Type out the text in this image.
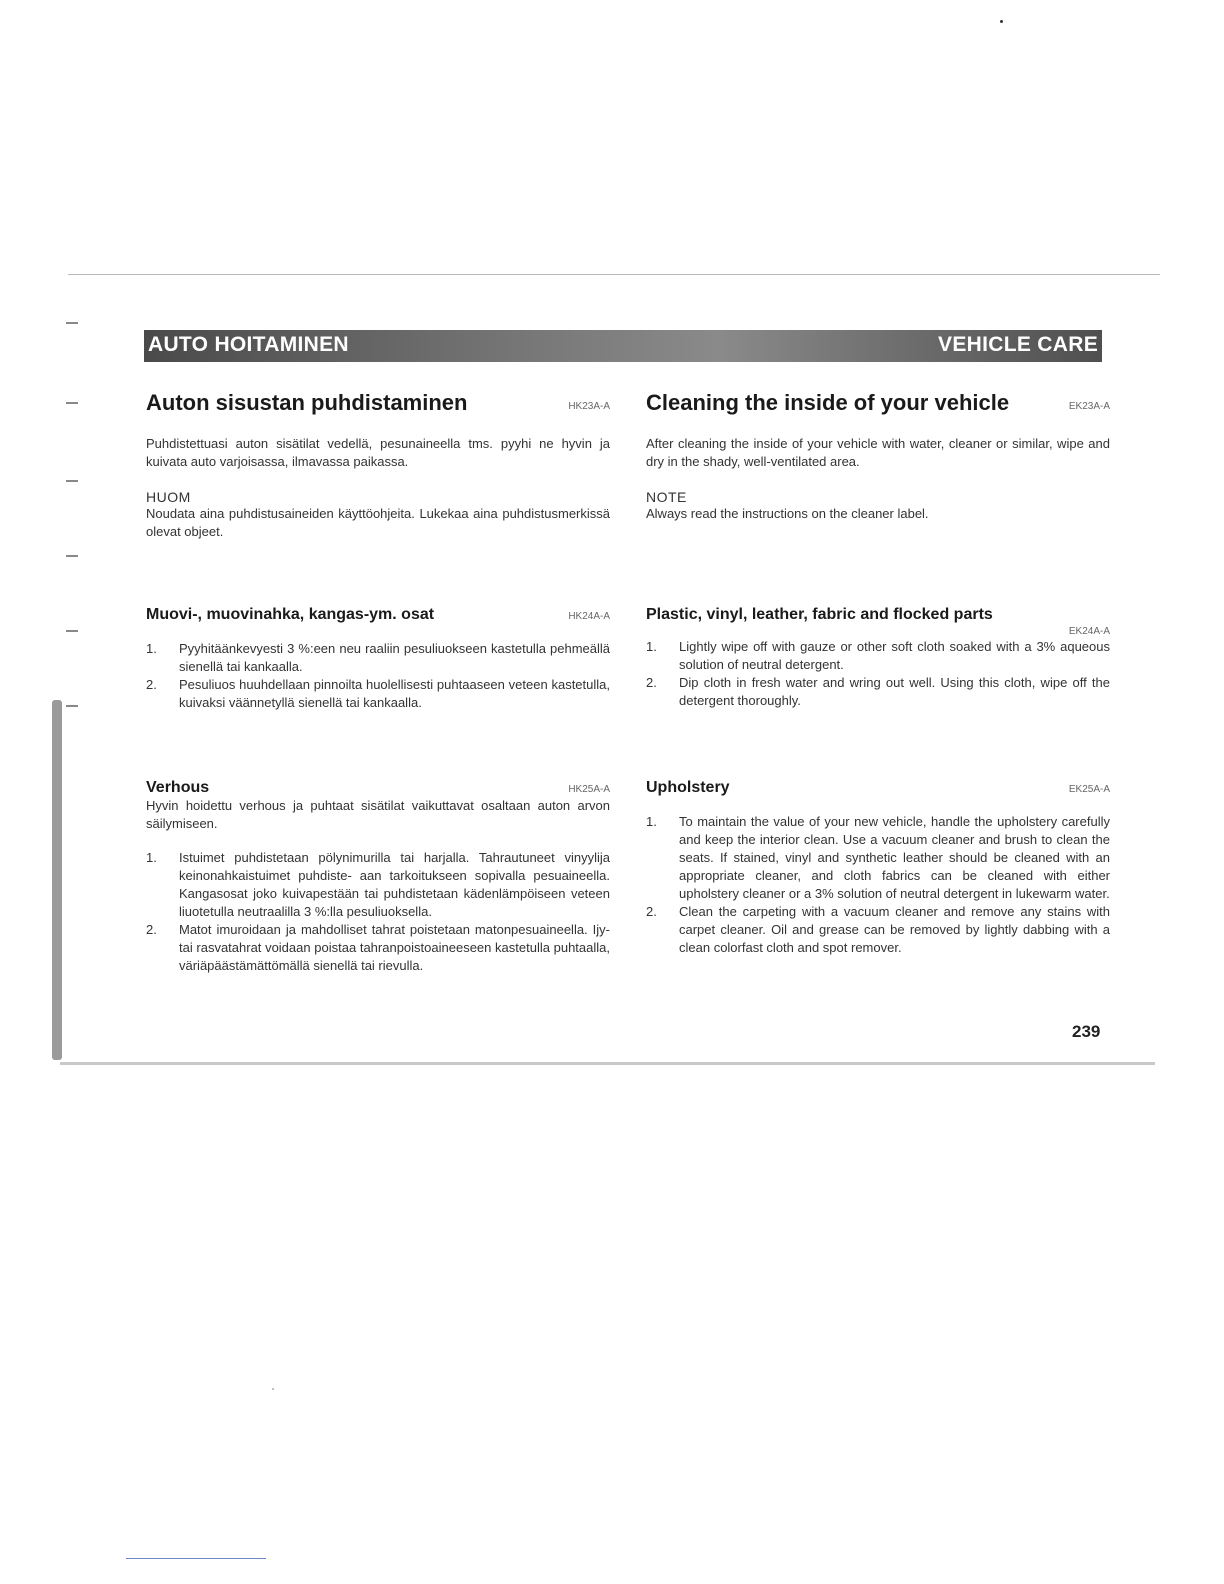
AUTO HOITAMINEN	VEHICLE CARE
Auton sisustan puhdistaminen	HK23A-A

Puhdistettuasi auton sisätilat vedellä, pesunaineella tms. pyyhi ne hyvin ja kuivata auto varjoisassa, ilmavassa paikassa.

HUOM

Noudata aina puhdistusaineiden käyttöohjeita. Lukekaa aina puhdistusmerkissä olevat objeet.

Muovi-, muovinahka, kangas-ym. osat	HK24A-A
1. Pyyhitäänkevyesti 3 %:een neu raaliin pesuliuokseen kastetulla pehmeällä sienellä tai kankaalla.
2. Pesuliuos huuhdellaan pinnoilta huolellisesti puhtaaseen veteen kastetulla, kuivaksi väännetyllä sienellä tai kankaalla.
Verhous	HK25A-A

Hyvin hoidettu verhous ja puhtaat sisätilat vaikuttavat osaltaan auton arvon säilymiseen.

1. Istuimet puhdistetaan pölynimurilla tai harjalla. Tahrautuneet vinyylija keinonahkaistuimet puhdiste- aan tarkoitukseen sopivalla pesuaineella. Kangasosat joko kuivapestään tai puhdistetaan kädenlämpöiseen veteen liuotetulla neutraalilla 3 %:lla pesuliuoksella.
2. Matot imuroidaan ja mahdolliset tahrat poistetaan matonpesuaineella. Ijy- tai rasvatahrat voidaan poistaa tahranpoistoaineeseen kastetulla puhtaalla, väriäpäästämättömällä sienellä tai rievulla.
Cleaning the inside of your vehicle	EK23A-A

After cleaning the inside of your vehicle with water, cleaner or similar, wipe and dry in the shady, well-ventilated area.

NOTE

Always read the instructions on the cleaner label.

Plastic, vinyl, leather, fabric and flocked parts
EK24A-A
1. Lightly wipe off with gauze or other soft cloth soaked with a 3% aqueous solution of neutral detergent.
2. Dip cloth in fresh water and wring out well. Using this cloth, wipe off the detergent thoroughly.
Upholstery	EK25A-A
1. To maintain the value of your new vehicle, handle the upholstery carefully and keep the interior clean. Use a vacuum cleaner and brush to clean the seats. If stained, vinyl and synthetic leather should be cleaned with an appropriate cleaner, and cloth fabrics can be cleaned with either upholstery cleaner or a 3% solution of neutral detergent in lukewarm water.
2. Clean the carpeting with a vacuum cleaner and remove any stains with carpet cleaner. Oil and grease can be removed by lightly dabbing with a clean colorfast cloth and spot remover.
239
